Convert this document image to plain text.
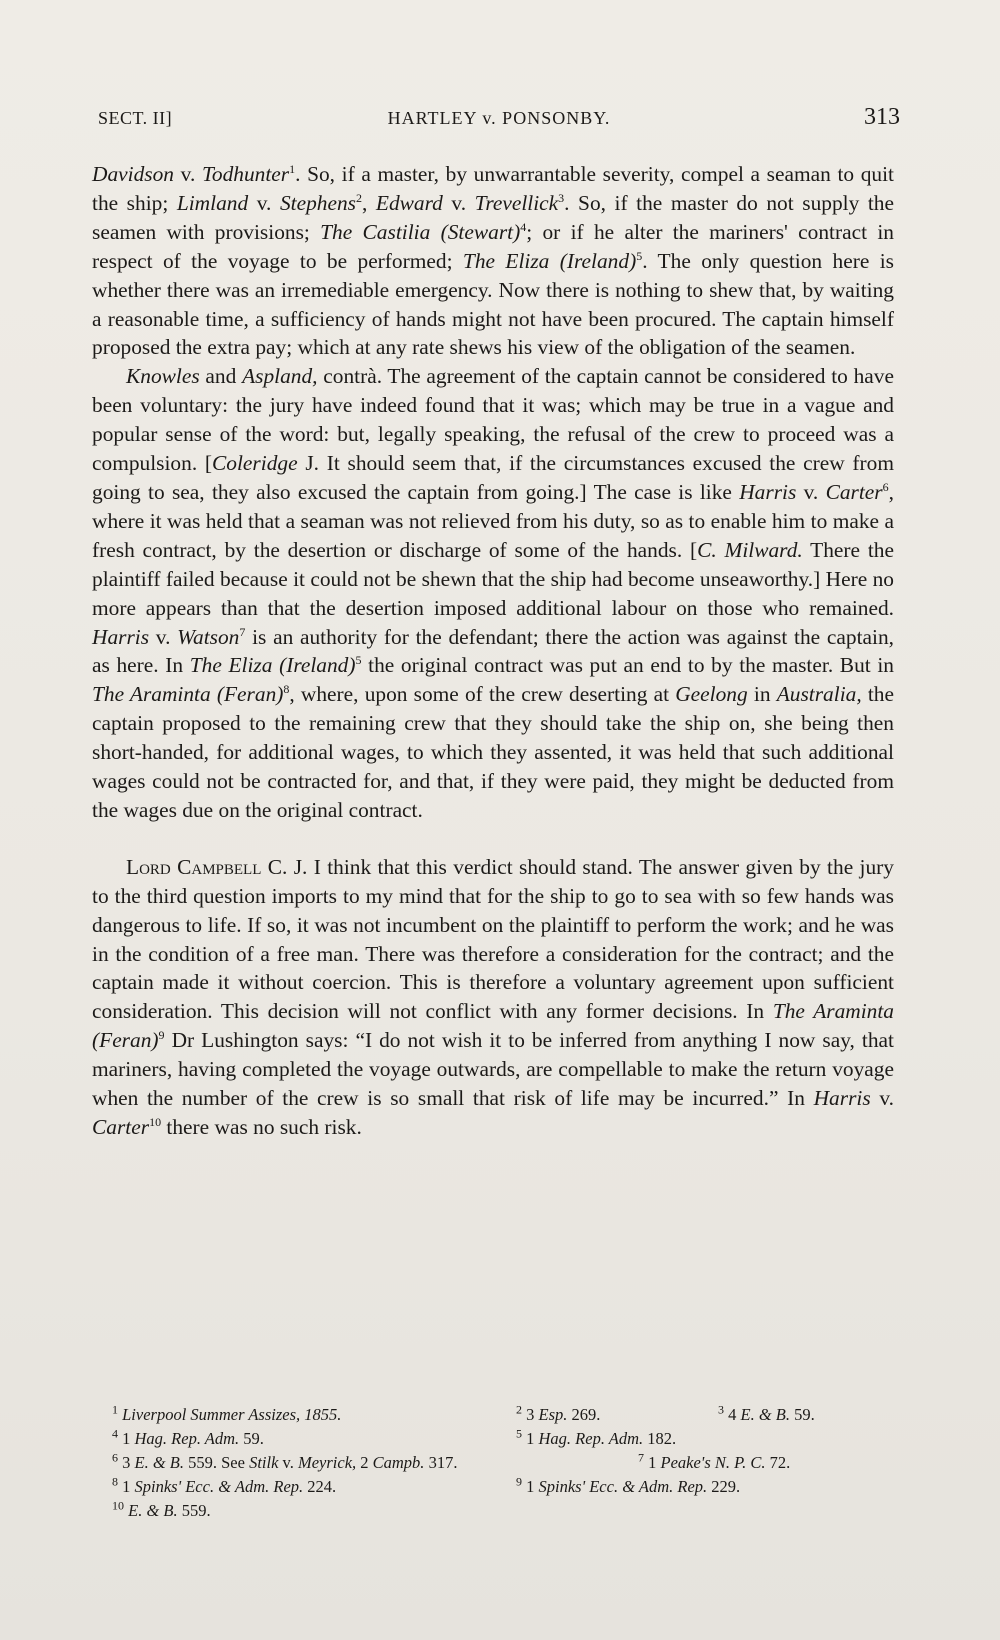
SECT. II]	HARTLEY v. PONSONBY.	313

Davidson v. Todhunter$^1$. So, if a master, by unwarrantable severity, compel a seaman to quit the ship; Limland v. Stephens$^2$, Edward v. Trevellick$^3$. So, if the master do not supply the seamen with provisions; The Castilia (Stewart)$^4$; or if he alter the mariners' contract in respect of the voyage to be performed; The Eliza (Ireland)$^5$. The only question here is whether there was an irremediable emergency. Now there is nothing to shew that, by waiting a reasonable time, a sufficiency of hands might not have been procured. The captain himself proposed the extra pay; which at any rate shews his view of the obligation of the seamen.

Knowles and Aspland, contrà. The agreement of the captain cannot be considered to have been voluntary: the jury have indeed found that it was; which may be true in a vague and popular sense of the word: but, legally speaking, the refusal of the crew to proceed was a compulsion. [Coleridge J. It should seem that, if the circumstances excused the crew from going to sea, they also excused the captain from going.] The case is like Harris v. Carter$^6$, where it was held that a seaman was not relieved from his duty, so as to enable him to make a fresh contract, by the desertion or discharge of some of the hands. [C. Milward. There the plaintiff failed because it could not be shewn that the ship had become unseaworthy.] Here no more appears than that the desertion imposed additional labour on those who remained. Harris v. Watson$^7$ is an authority for the defendant; there the action was against the captain, as here. In The Eliza (Ireland)$^5$ the original contract was put an end to by the master. But in The Araminta (Feran)$^8$, where, upon some of the crew deserting at Geelong in Australia, the captain proposed to the remaining crew that they should take the ship on, she being then short-handed, for additional wages, to which they assented, it was held that such additional wages could not be contracted for, and that, if they were paid, they might be deducted from the wages due on the original contract.

Lord Campbell C. J. I think that this verdict should stand. The answer given by the jury to the third question imports to my mind that for the ship to go to sea with so few hands was dangerous to life. If so, it was not incumbent on the plaintiff to perform the work; and he was in the condition of a free man. There was therefore a consideration for the contract; and the captain made it without coercion. This is therefore a voluntary agreement upon sufficient consideration. This decision will not conflict with any former decisions. In The Araminta (Feran)$^9$ Dr Lushington says: “I do not wish it to be inferred from anything I now say, that mariners, having completed the voyage outwards, are compellable to make the return voyage when the number of the crew is so small that risk of life may be incurred.” In Harris v. Carter$^{10}$ there was no such risk.

$^1$ Liverpool Summer Assizes, 1855.	$^2$ 3 Esp. 269.	$^3$ 4 E. & B. 59.
$^4$ 1 Hag. Rep. Adm. 59.	$^5$ 1 Hag. Rep. Adm. 182.
$^6$ 3 E. & B. 559. See Stilk v. Meyrick, 2 Campb. 317.	$^7$ 1 Peake's N. P. C. 72.
$^8$ 1 Spinks' Ecc. & Adm. Rep. 224.	$^9$ 1 Spinks' Ecc. & Adm. Rep. 229.
$^{10}$ E. & B. 559.
